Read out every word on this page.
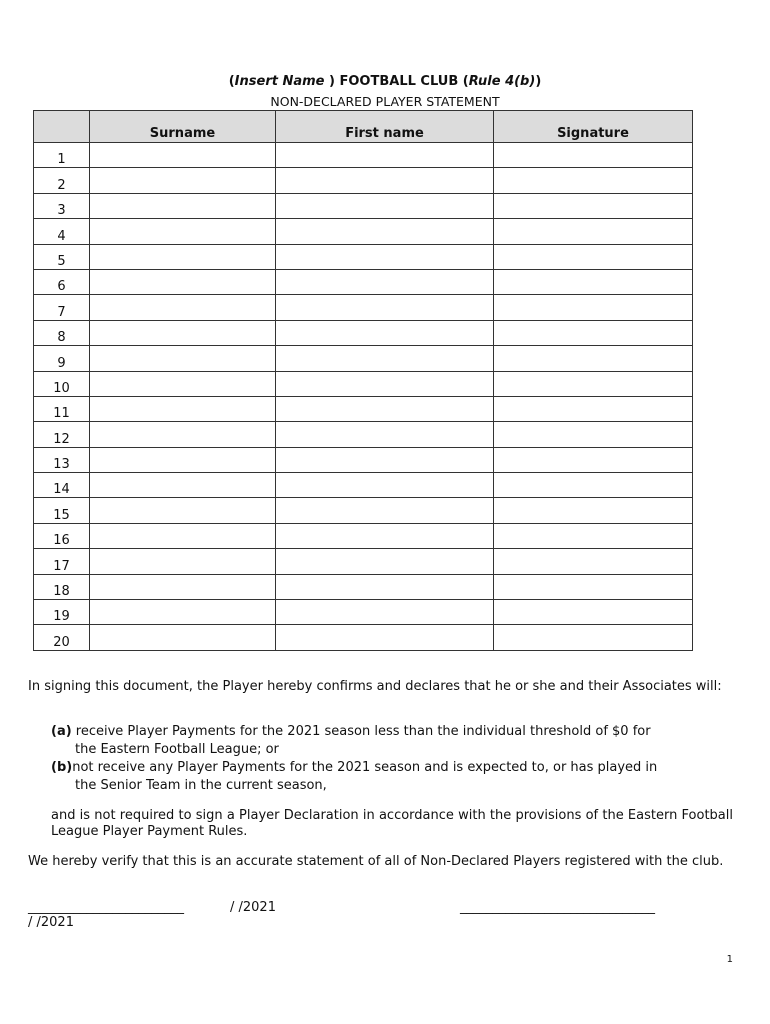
(Insert Name ) FOOTBALL CLUB (Rule 4(b))
NON-DECLARED PLAYER STATEMENT
	Surname	First name	Signature
1			
2			
3			
4			
5			
6			
7			
8			
9			
10			
11			
12			
13			
14			
15			
16			
17			
18			
19			
20			
In signing this document, the Player hereby confirms and declares that he or she and their Associates will:
(a) receive Player Payments for the 2021 season less than the individual threshold of $0 for
the Eastern Football League; or
(b)not receive any Player Payments for the 2021 season and is expected to, or has played in
the Senior Team in the current season,
and is not required to sign a Player Declaration in accordance with the provisions of the Eastern Football League Player Payment Rules.
We hereby verify that this is an accurate statement of all of Non-Declared Players registered with the club.
________________________	/ /2021	______________________________
/ /2021
1
